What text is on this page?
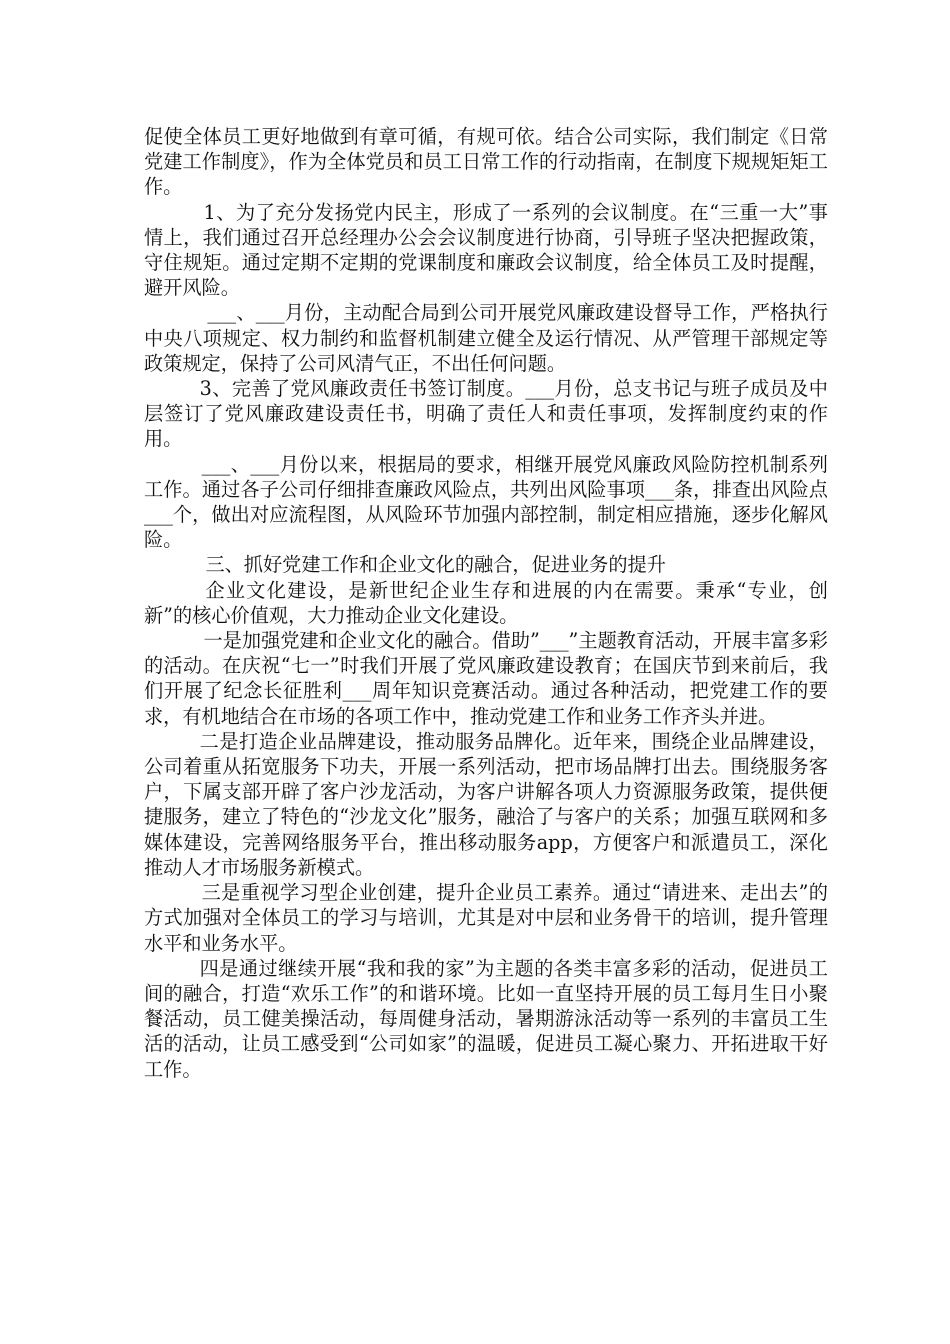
促使全体员工更好地做到有章可循，有规可依。结合公司实际，我们制定《日常党建工作制度》，作为全体党员和员工日常工作的行动指南，在制度下规规矩矩工作。

1、为了充分发扬党内民主，形成了一系列的会议制度。在“三重一大”事情上，我们通过召开总经理办公会会议制度进行协商，引导班子坚决把握政策，守住规矩。通过定期不定期的党课制度和廉政会议制度，给全体员工及时提醒，避开风险。

___、___月份，主动配合局到公司开展党风廉政建设督导工作，严格执行中央八项规定、权力制约和监督机制建立健全及运行情况、从严管理干部规定等政策规定，保持了公司风清气正，不出任何问题。

3、完善了党风廉政责任书签订制度。___月份，总支书记与班子成员及中层签订了党风廉政建设责任书，明确了责任人和责任事项，发挥制度约束的作用。

___、___月份以来，根据局的要求，相继开展党风廉政风险防控机制系列工作。通过各子公司仔细排查廉政风险点，共列出风险事项___条，排查出风险点___个，做出对应流程图，从风险环节加强内部控制，制定相应措施，逐步化解风险。

三、抓好党建工作和企业文化的融合，促进业务的提升

企业文化建设，是新世纪企业生存和进展的内在需要。秉承“专业，创新”的核心价值观，大力推动企业文化建设。

一是加强党建和企业文化的融合。借助”___”主题教育活动，开展丰富多彩的活动。在庆祝“七一”时我们开展了党风廉政建设教育；在国庆节到来前后，我们开展了纪念长征胜利___周年知识竞赛活动。通过各种活动，把党建工作的要求，有机地结合在市场的各项工作中，推动党建工作和业务工作齐头并进。

二是打造企业品牌建设，推动服务品牌化。近年来，围绕企业品牌建设，公司着重从拓宽服务下功夫，开展一系列活动，把市场品牌打出去。围绕服务客户，下属支部开辟了客户沙龙活动，为客户讲解各项人力资源服务政策，提供便捷服务，建立了特色的“沙龙文化”服务，融洽了与客户的关系；加强互联网和多媒体建设，完善网络服务平台，推出移动服务app，方便客户和派遣员工，深化推动人才市场服务新模式。

三是重视学习型企业创建，提升企业员工素养。通过“请进来、走出去”的方式加强对全体员工的学习与培训，尤其是对中层和业务骨干的培训，提升管理水平和业务水平。

四是通过继续开展“我和我的家”为主题的各类丰富多彩的活动，促进员工间的融合，打造“欢乐工作”的和谐环境。比如一直坚持开展的员工每月生日小聚餐活动，员工健美操活动，每周健身活动，暑期游泳活动等一系列的丰富员工生活的活动，让员工感受到“公司如家”的温暖，促进员工凝心聚力、开拓进取干好工作。
